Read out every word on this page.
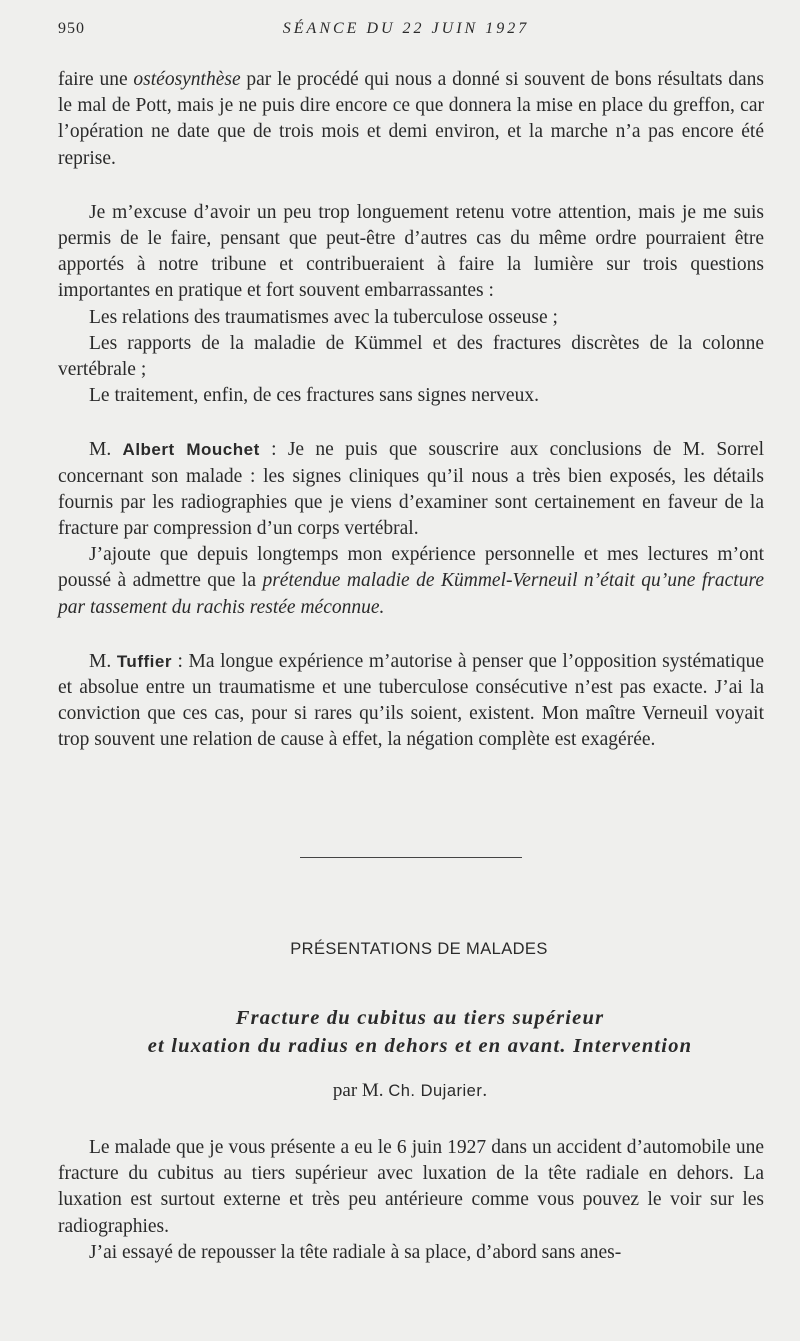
950	SÉANCE DU 22 JUIN 1927

faire une ostéosynthèse par le procédé qui nous a donné si souvent de bons résultats dans le mal de Pott, mais je ne puis dire encore ce que donnera la mise en place du greffon, car l’opération ne date que de trois mois et demi environ, et la marche n’a pas encore été reprise.

Je m’excuse d’avoir un peu trop longuement retenu votre attention, mais je me suis permis de le faire, pensant que peut-être d’autres cas du même ordre pourraient être apportés à notre tribune et contribueraient à faire la lumière sur trois questions importantes en pratique et fort souvent embarrassantes :

Les relations des traumatismes avec la tuberculose osseuse ;

Les rapports de la maladie de Kümmel et des fractures discrètes de la colonne vertébrale ;

Le traitement, enfin, de ces fractures sans signes nerveux.

M. Albert Mouchet : Je ne puis que souscrire aux conclusions de M. Sorrel concernant son malade : les signes cliniques qu’il nous a très bien exposés, les détails fournis par les radiographies que je viens d’examiner sont certainement en faveur de la fracture par compression d’un corps vertébral.

J’ajoute que depuis longtemps mon expérience personnelle et mes lectures m’ont poussé à admettre que la prétendue maladie de Kümmel-Verneuil n’était qu’une fracture par tassement du rachis restée méconnue.

M. Tuffier : Ma longue expérience m’autorise à penser que l’opposition systématique et absolue entre un traumatisme et une tuberculose consécutive n’est pas exacte. J’ai la conviction que ces cas, pour si rares qu’ils soient, existent. Mon maître Verneuil voyait trop souvent une relation de cause à effet, la négation complète est exagérée.

PRÉSENTATIONS DE MALADES
Fracture du cubitus au tiers supérieur
et luxation du radius en dehors et en avant. Intervention
par M. Ch. Dujarier.

Le malade que je vous présente a eu le 6 juin 1927 dans un accident d’automobile une fracture du cubitus au tiers supérieur avec luxation de la tête radiale en dehors. La luxation est surtout externe et très peu antérieure comme vous pouvez le voir sur les radiographies.

J’ai essayé de repousser la tête radiale à sa place, d’abord sans anes-
